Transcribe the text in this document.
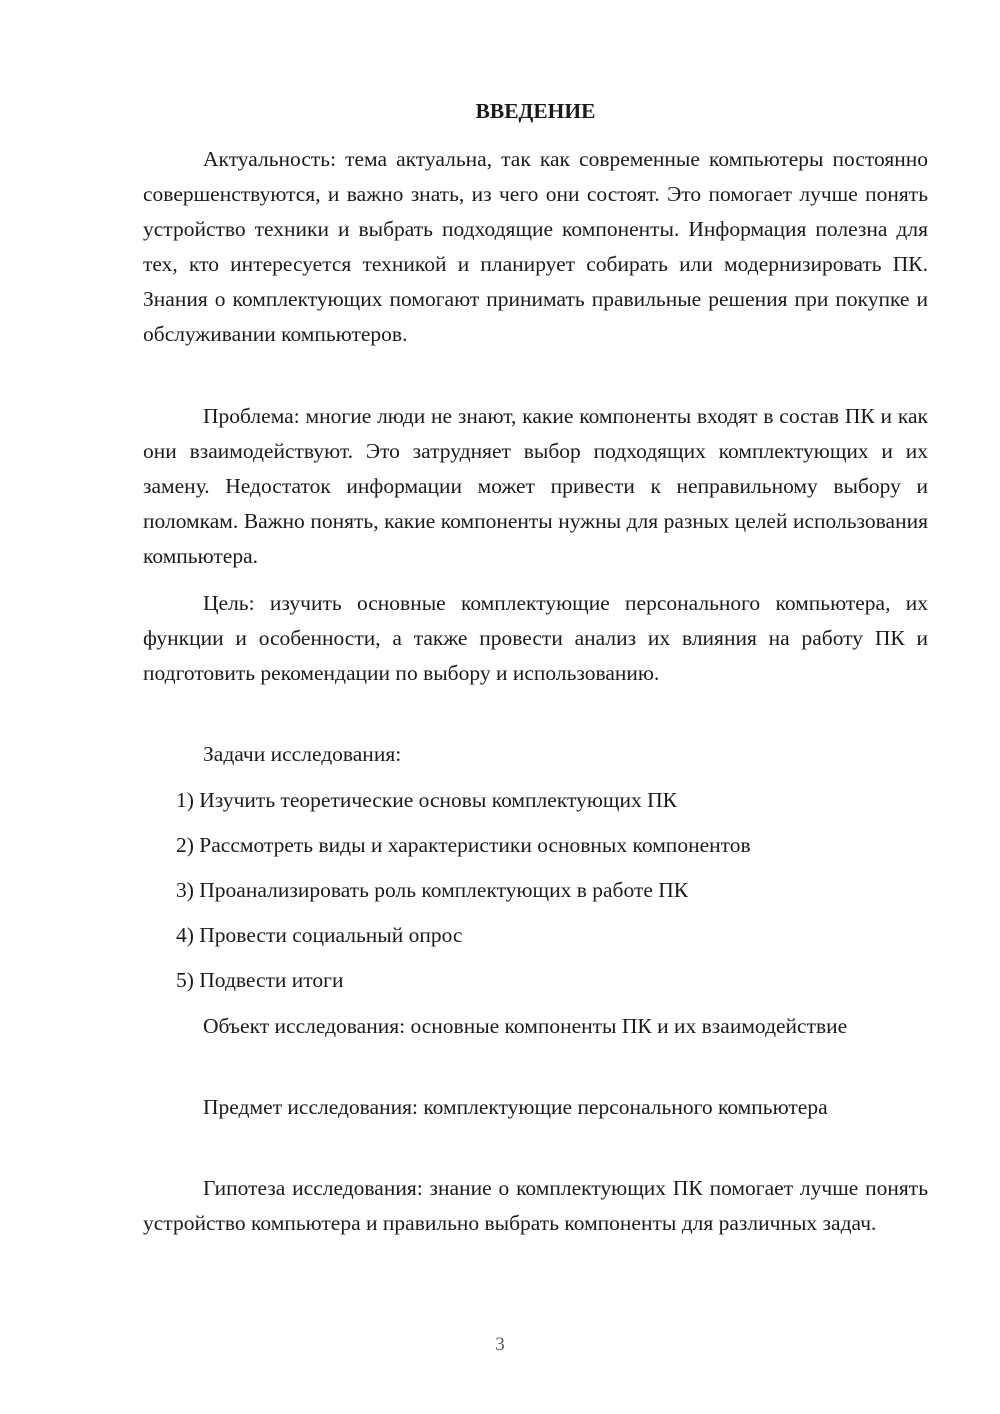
ВВЕДЕНИЕ

Актуальность: тема актуальна, так как современные компьютеры постоянно совершенствуются, и важно знать, из чего они состоят. Это помогает лучше понять устройство техники и выбрать подходящие компоненты. Информация полезна для тех, кто интересуется техникой и планирует собирать или модернизировать ПК. Знания о комплектующих помогают принимать правильные решения при покупке и обслуживании компьютеров.

Проблема: многие люди не знают, какие компоненты входят в состав ПК и как они взаимодействуют. Это затрудняет выбор подходящих комплектующих и их замену. Недостаток информации может привести к неправильному выбору и поломкам. Важно понять, какие компоненты нужны для разных целей использования компьютера.

Цель: изучить основные комплектующие персонального компьютера, их функции и особенности, а также провести анализ их влияния на работу ПК и подготовить рекомендации по выбору и использованию.

Задачи исследования:

1) Изучить теоретические основы комплектующих ПК

2) Рассмотреть виды и характеристики основных компонентов

3) Проанализировать роль комплектующих в работе ПК

4) Провести социальный опрос

5) Подвести итоги

Объект исследования: основные компоненты ПК и их взаимодействие

Предмет исследования: комплектующие персонального компьютера

Гипотеза исследования: знание о комплектующих ПК помогает лучше понять устройство компьютера и правильно выбрать компоненты для различных задач.

3
